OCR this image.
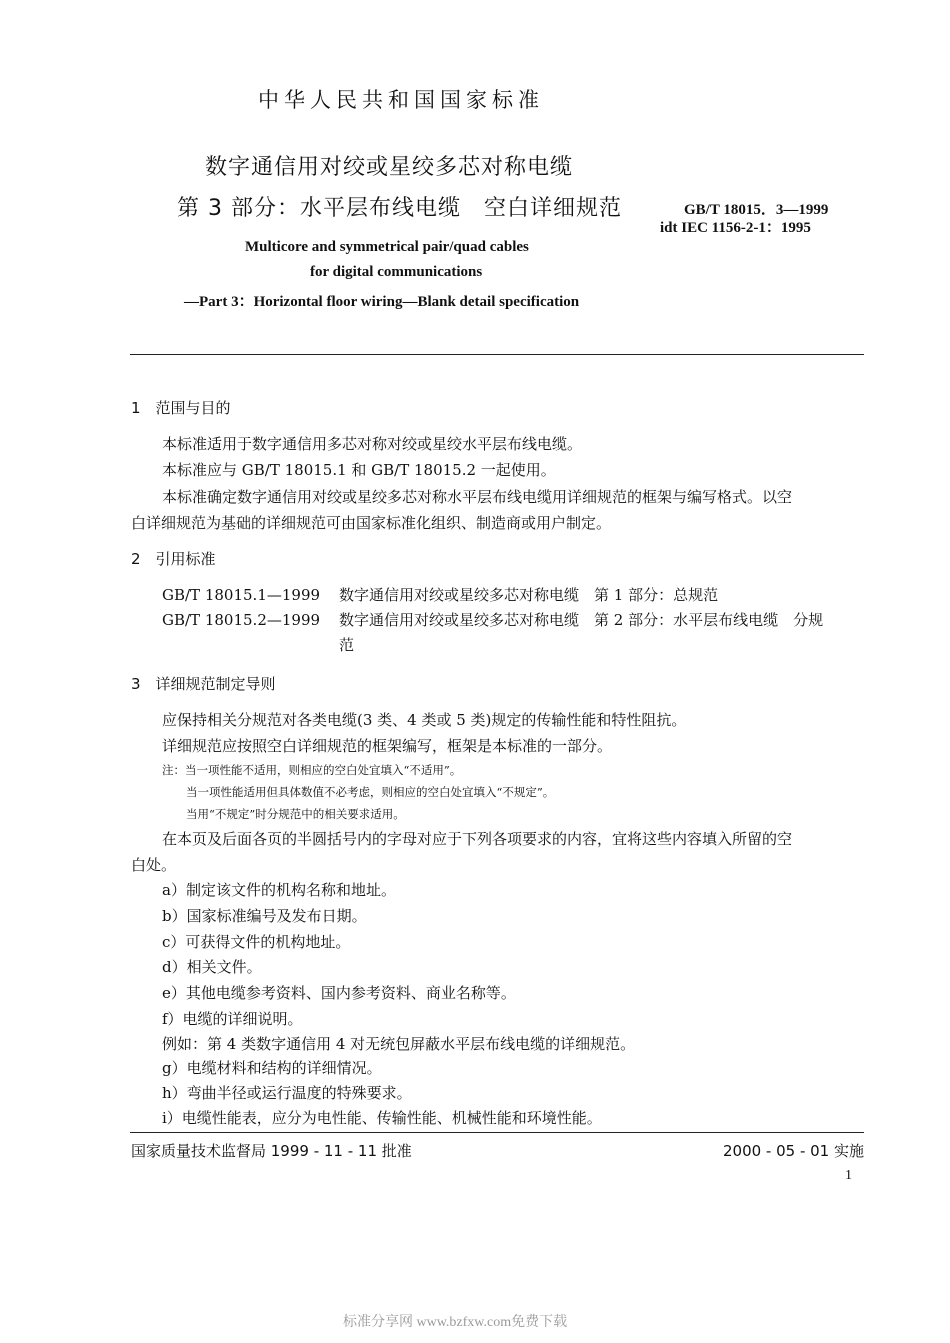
中华人民共和国国家标准
数字通信用对绞或星绞多芯对称电缆
第 3 部分：水平层布线电缆　空白详细规范	GB/T 18015．3—1999
idt IEC 1156-2-1：1995
Multicore and symmetrical pair/quad cables
for digital communications
—Part 3：Horizontal floor wiring—Blank detail specification
1　范围与目的
本标准适用于数字通信用多芯对称对绞或星绞水平层布线电缆。
本标准应与 GB/T 18015.1 和 GB/T 18015.2 一起使用。
本标准确定数字通信用对绞或星绞多芯对称水平层布线电缆用详细规范的框架与编写格式。以空
白详细规范为基础的详细规范可由国家标准化组织、制造商或用户制定。
2　引用标准
GB/T 18015.1—1999 数字通信用对绞或星绞多芯对称电缆　第 1 部分：总规范
GB/T 18015.2—1999 数字通信用对绞或星绞多芯对称电缆　第 2 部分：水平层布线电缆　分规
范
3　详细规范制定导则
应保持相关分规范对各类电缆(3 类、4 类或 5 类)规定的传输性能和特性阻抗。
详细规范应按照空白详细规范的框架编写，框架是本标准的一部分。
注：当一项性能不适用，则相应的空白处宜填入“不适用”。
当一项性能适用但具体数值不必考虑，则相应的空白处宜填入“不规定”。
当用“不规定”时分规范中的相关要求适用。
在本页及后面各页的半圆括号内的字母对应于下列各项要求的内容，宜将这些内容填入所留的空
白处。
a）制定该文件的机构名称和地址。
b）国家标准编号及发布日期。
c）可获得文件的机构地址。
d）相关文件。
e）其他电缆参考资料、国内参考资料、商业名称等。
f）电缆的详细说明。
例如：第 4 类数字通信用 4 对无统包屏蔽水平层布线电缆的详细规范。
g）电缆材料和结构的详细情况。
h）弯曲半径或运行温度的特殊要求。
i）电缆性能表，应分为电性能、传输性能、机械性能和环境性能。
国家质量技术监督局 1999 - 11 - 11 批准	2000 - 05 - 01 实施
1
标准分享网 www.bzfxw.com免费下载
